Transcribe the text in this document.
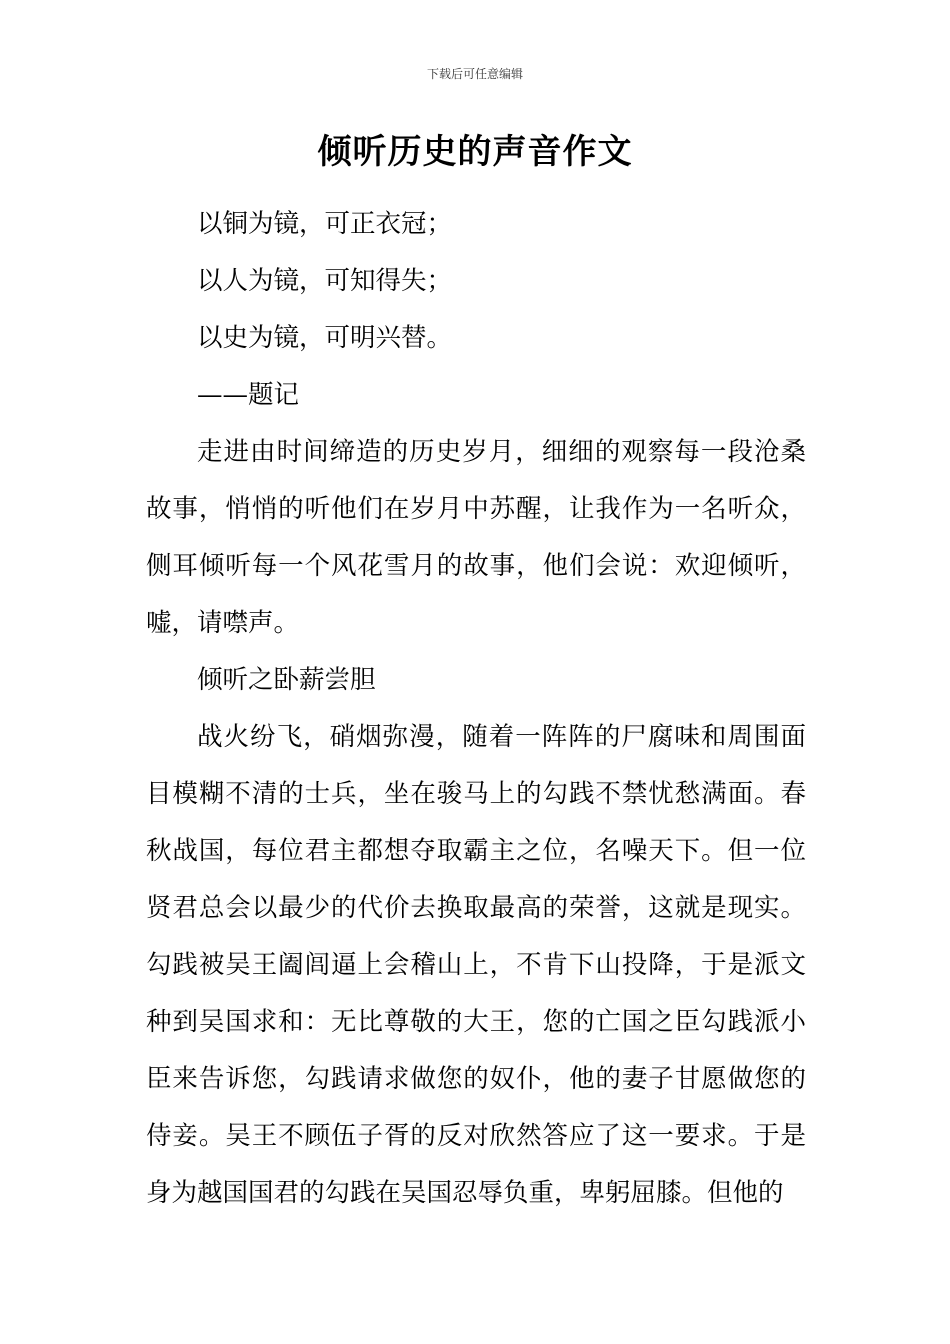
下载后可任意编辑
倾听历史的声音作文

以铜为镜，可正衣冠；

以人为镜，可知得失；

以史为镜，可明兴替。

——题记

走进由时间缔造的历史岁月，细细的观察每一段沧桑故事，悄悄的听他们在岁月中苏醒，让我作为一名听众，侧耳倾听每一个风花雪月的故事，他们会说：欢迎倾听，嘘，请噤声。

倾听之卧薪尝胆

战火纷飞，硝烟弥漫，随着一阵阵的尸腐味和周围面目模糊不清的士兵，坐在骏马上的勾践不禁忧愁满面。春秋战国，每位君主都想夺取霸主之位，名噪天下。但一位贤君总会以最少的代价去换取最高的荣誉，这就是现实。勾践被吴王阖闾逼上会稽山上，不肯下山投降，于是派文种到吴国求和：无比尊敬的大王，您的亡国之臣勾践派小臣来告诉您，勾践请求做您的奴仆，他的妻子甘愿做您的侍妾。吴王不顾伍子胥的反对欣然答应了这一要求。于是身为越国国君的勾践在吴国忍辱负重，卑躬屈膝。但他的
